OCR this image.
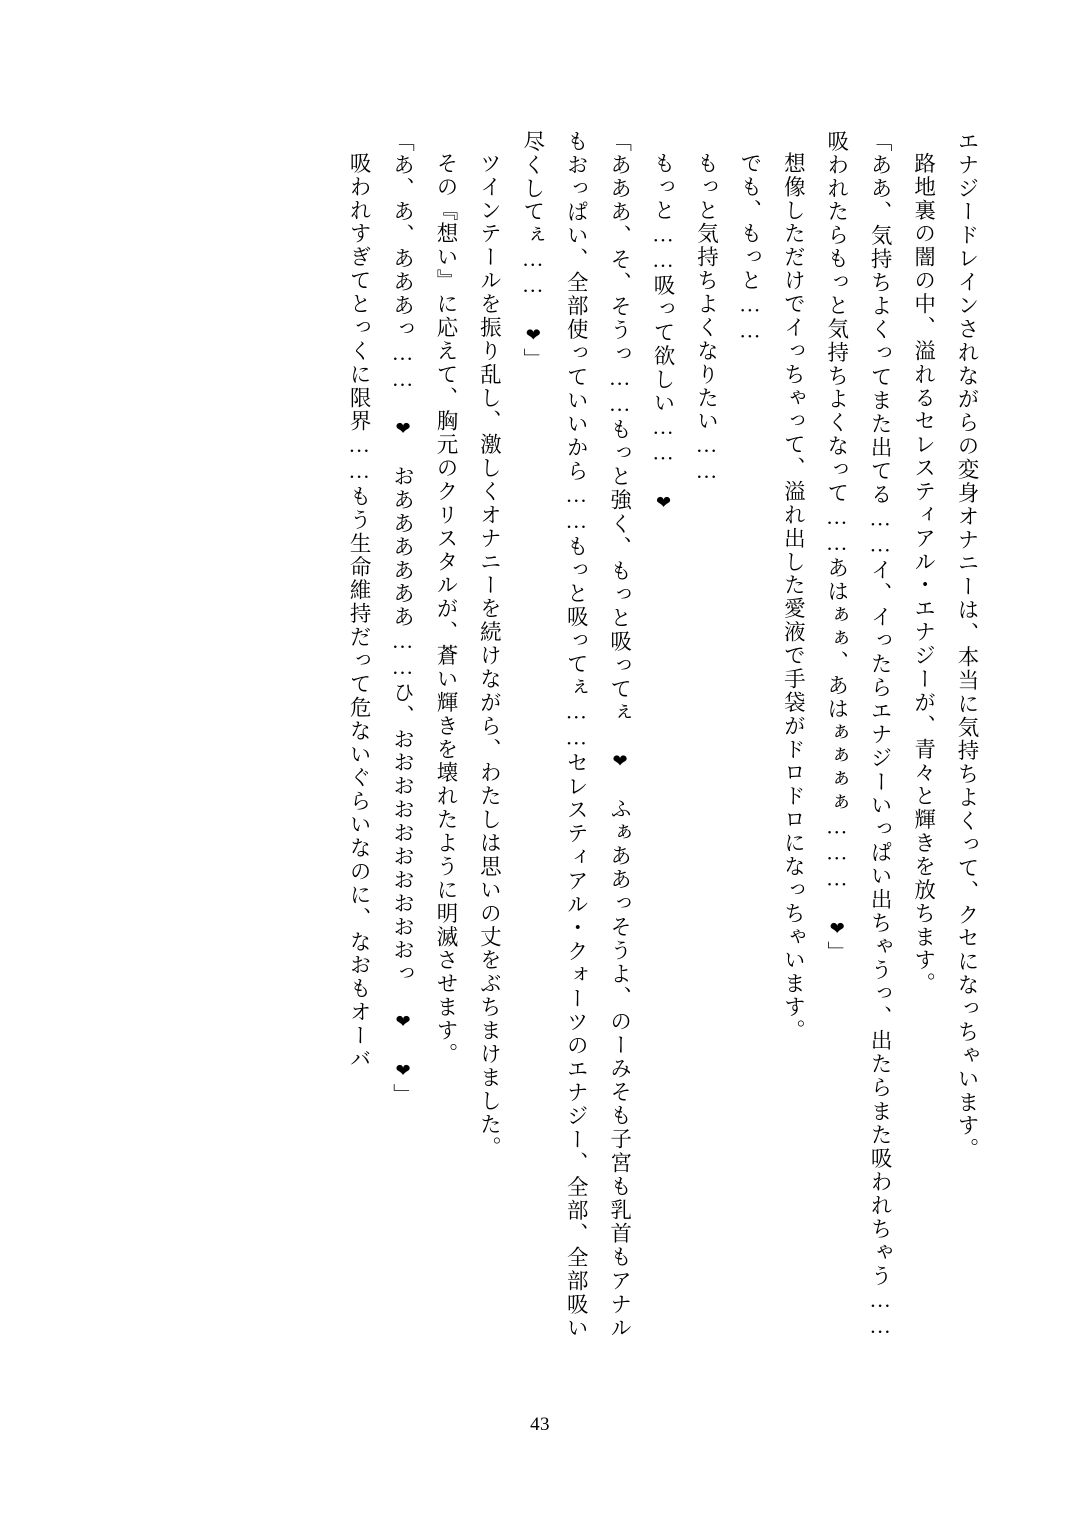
エナジードレインされながらの変身オナニーは、本当に気持ちよくって、クセになっちゃいます。

路地裏の闇の中、溢れるセレスティアル・エナジーが、青々と輝きを放ちます。

「ああ、気持ちよくってまた出てる……イ、イったらエナジーいっぱい出ちゃうっ、出たらまた吸われちゃう……吸われたらもっと気持ちよくなって……あはぁぁ、あはぁぁぁぁ……… ❤」

想像しただけでイっちゃって、溢れ出した愛液で手袋がドロドロになっちゃいます。

でも、もっと……

もっと気持ちよくなりたい……

もっと……吸って欲しい…… ❤

「あああ、そ、そうっ……もっと強く、もっと吸ってぇ ❤　ふぁああっそうよ、のーみそも子宮も乳首もアナルもおっぱい、全部使っていいから……もっと吸ってぇ……セレスティアル・クォーツのエナジー、全部、全部吸い尽くしてぇ…… ❤」

ツインテールを振り乱し、激しくオナニーを続けながら、わたしは思いの丈をぶちまけました。

その『想い』に応えて、胸元のクリスタルが、蒼い輝きを壊れたように明滅させます。

「あ、あ、あああっ…… ❤　おああああああ……ひ、おおおおおおおおおおっ ❤ ❤」

吸われすぎてとっくに限界……もう生命維持だって危ないぐらいなのに、なおもオーバ

43
